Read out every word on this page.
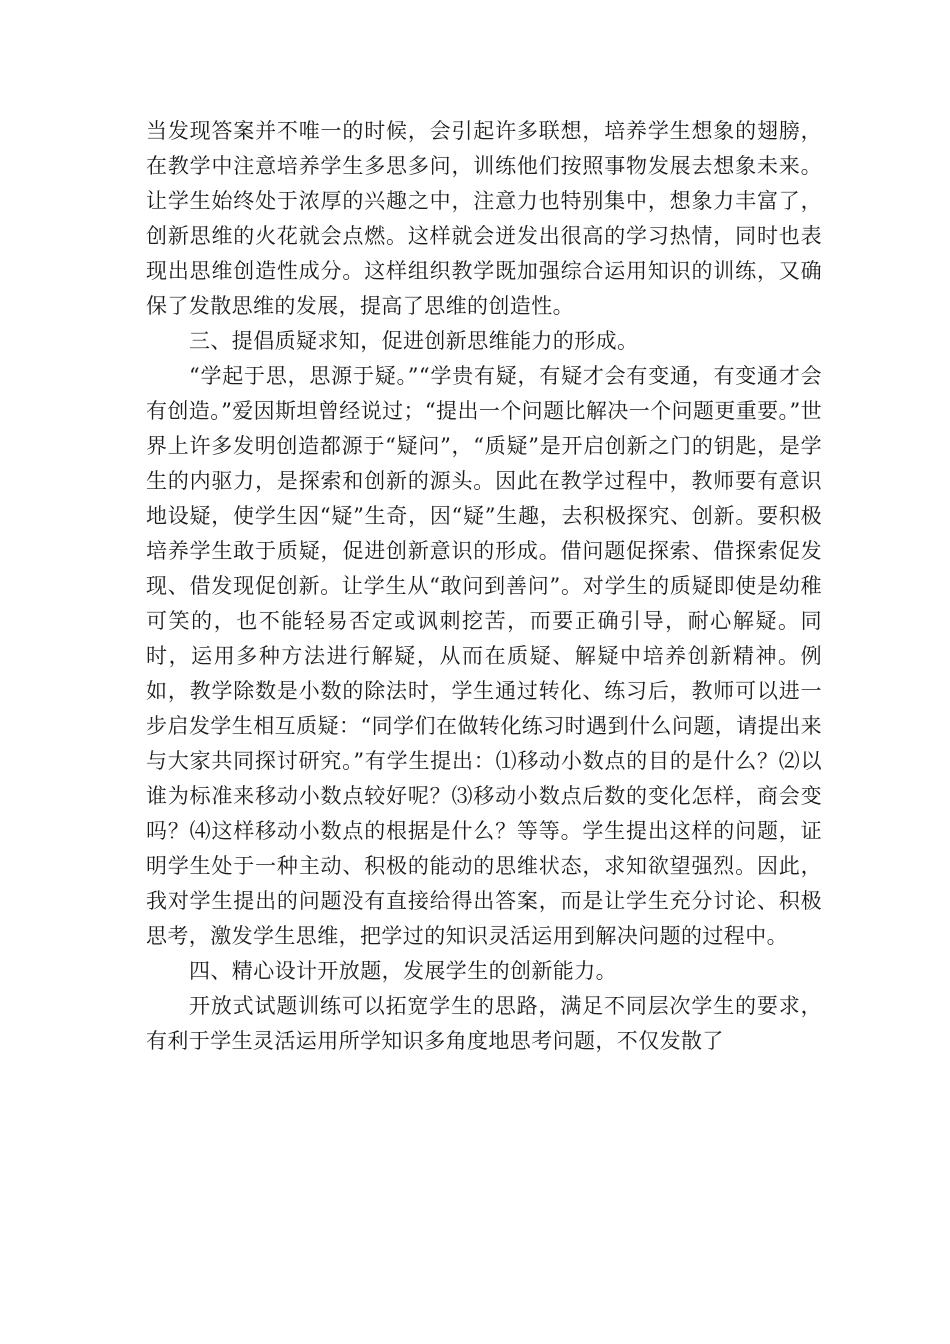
当发现答案并不唯一的时候，会引起许多联想，培养学生想象的翅膀，在教学中注意培养学生多思多问，训练他们按照事物发展去想象未来。让学生始终处于浓厚的兴趣之中，注意力也特别集中，想象力丰富了，创新思维的火花就会点燃。这样就会迸发出很高的学习热情，同时也表现出思维创造性成分。这样组织教学既加强综合运用知识的训练，又确保了发散思维的发展，提高了思维的创造性。

三、提倡质疑求知，促进创新思维能力的形成。

“学起于思，思源于疑。”“学贵有疑，有疑才会有变通，有变通才会有创造。”爱因斯坦曾经说过；“提出一个问题比解决一个问题更重要。”世界上许多发明创造都源于“疑问”，“质疑”是开启创新之门的钥匙，是学生的内驱力，是探索和创新的源头。因此在教学过程中，教师要有意识地设疑，使学生因“疑”生奇，因“疑”生趣，去积极探究、创新。要积极培养学生敢于质疑，促进创新意识的形成。借问题促探索、借探索促发现、借发现促创新。让学生从“敢问到善问”。对学生的质疑即使是幼稚可笑的，也不能轻易否定或讽刺挖苦，而要正确引导，耐心解疑。同时，运用多种方法进行解疑，从而在质疑、解疑中培养创新精神。例如，教学除数是小数的除法时，学生通过转化、练习后，教师可以进一步启发学生相互质疑：“同学们在做转化练习时遇到什么问题，请提出来与大家共同探讨研究。”有学生提出：⑴移动小数点的目的是什么？⑵以谁为标准来移动小数点较好呢？⑶移动小数点后数的变化怎样，商会变吗？⑷这样移动小数点的根据是什么？等等。学生提出这样的问题，证明学生处于一种主动、积极的能动的思维状态，求知欲望强烈。因此，我对学生提出的问题没有直接给得出答案，而是让学生充分讨论、积极思考，激发学生思维，把学过的知识灵活运用到解决问题的过程中。

四、精心设计开放题，发展学生的创新能力。

开放式试题训练可以拓宽学生的思路，满足不同层次学生的要求，有利于学生灵活运用所学知识多角度地思考问题，不仅发散了
